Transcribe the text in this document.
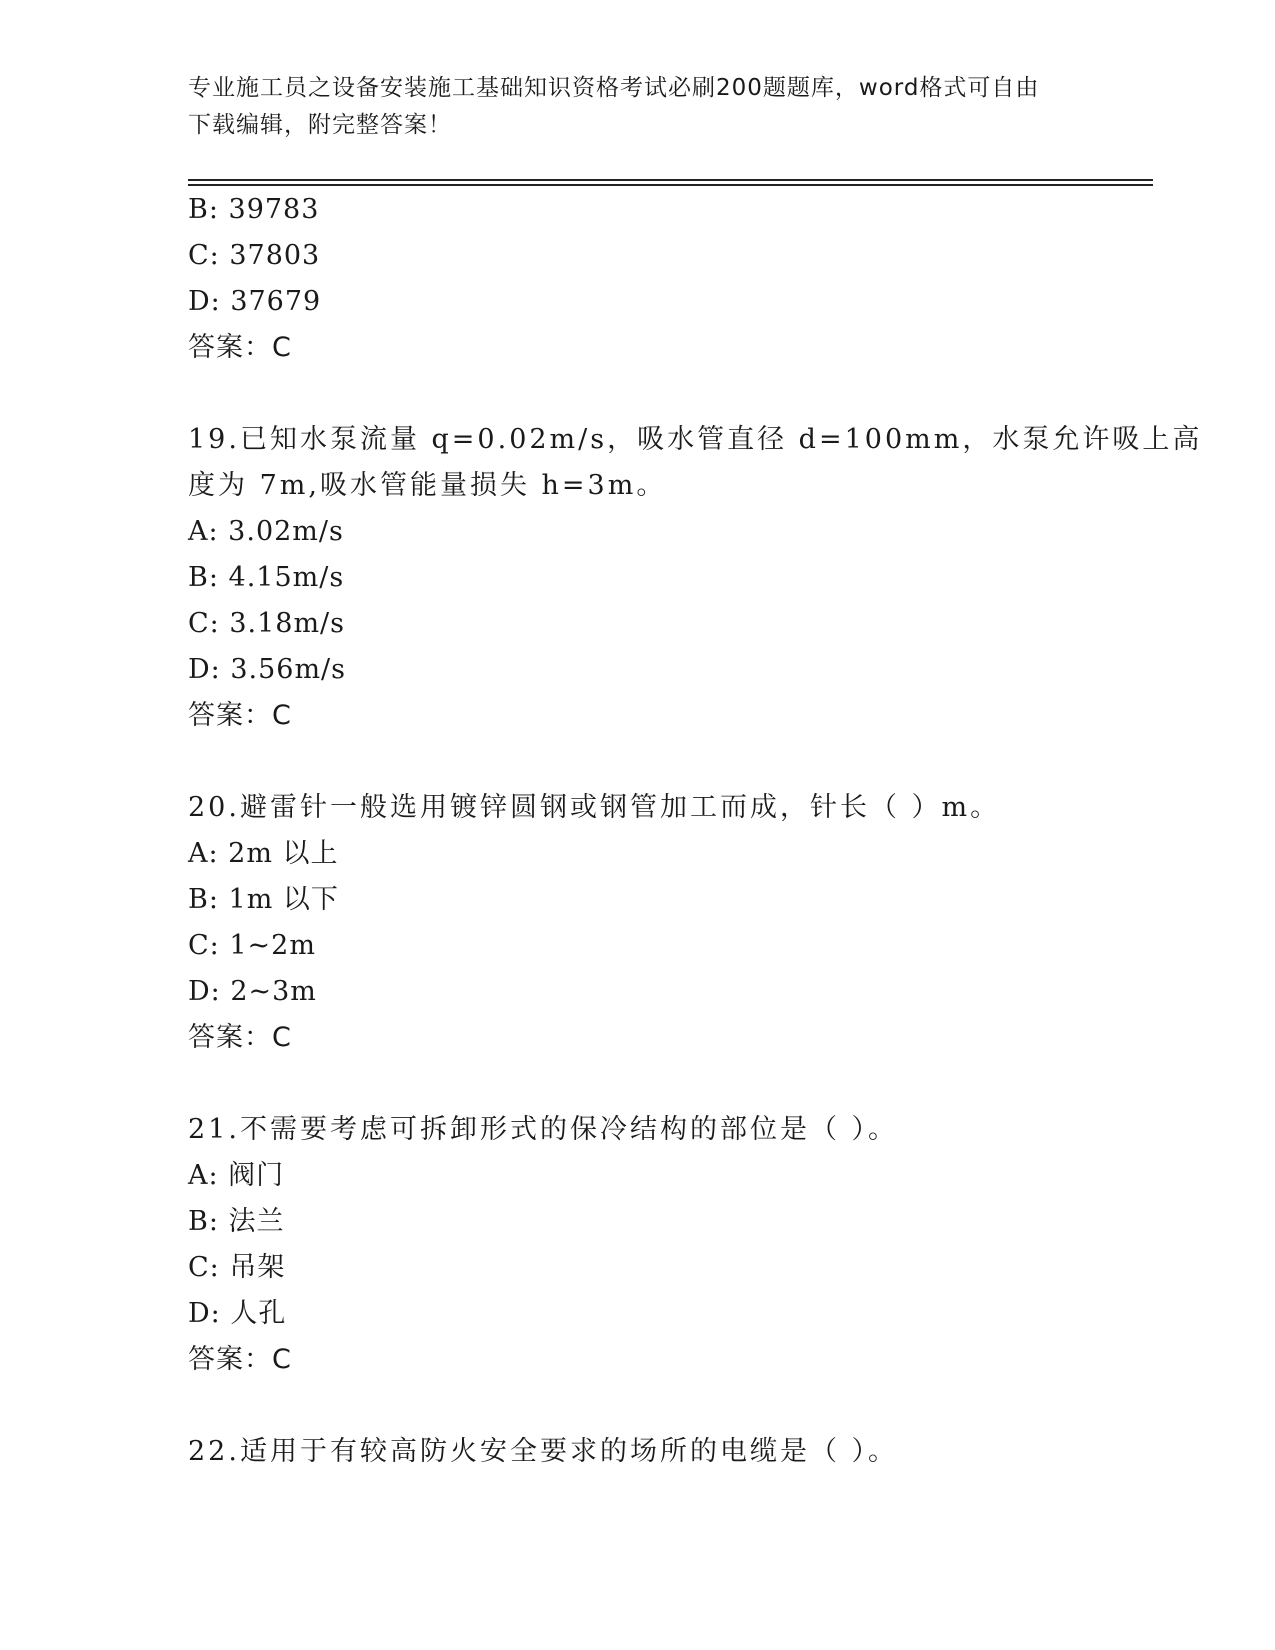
专业施工员之设备安装施工基础知识资格考试必刷200题题库，word格式可自由
下载编辑，附完整答案！
B: 39783
C: 37803
D: 37679
答案：C
19.已知水泵流量 q=0.02m/s，吸水管直径 d=100mm，水泵允许吸上高
度为 7m,吸水管能量损失 h=3m。
A: 3.02m/s
B: 4.15m/s
C: 3.18m/s
D: 3.56m/s
答案：C
20.避雷针一般选用镀锌圆钢或钢管加工而成，针长（ ）m。
A: 2m 以上
B: 1m 以下
C: 1~2m
D: 2~3m
答案：C
21.不需要考虑可拆卸形式的保冷结构的部位是（ ）。
A: 阀门
B: 法兰
C: 吊架
D: 人孔
答案：C
22.适用于有较高防火安全要求的场所的电缆是（ ）。
